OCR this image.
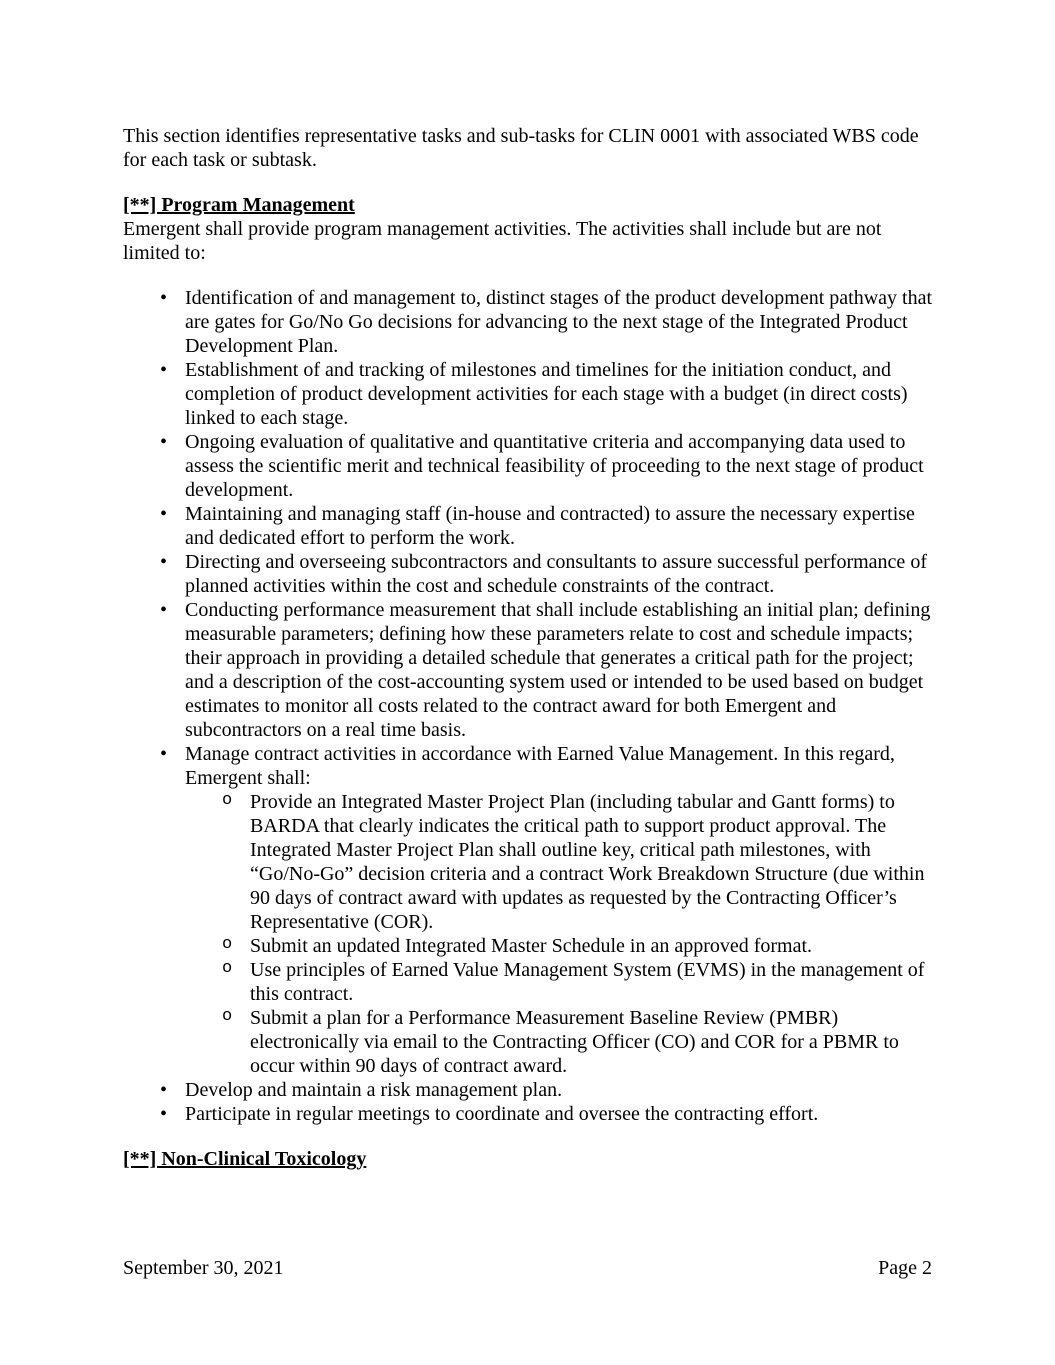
This section identifies representative tasks and sub-tasks for CLIN 0001 with associated WBS code for each task or subtask.

[**] Program Management

Emergent shall provide program management activities. The activities shall include but are not limited to:

• Identification of and management to, distinct stages of the product development pathway that are gates for Go/No Go decisions for advancing to the next stage of the Integrated Product Development Plan.
• Establishment of and tracking of milestones and timelines for the initiation conduct, and completion of product development activities for each stage with a budget (in direct costs) linked to each stage.
• Ongoing evaluation of qualitative and quantitative criteria and accompanying data used to assess the scientific merit and technical feasibility of proceeding to the next stage of product development.
• Maintaining and managing staff (in-house and contracted) to assure the necessary expertise and dedicated effort to perform the work.
• Directing and overseeing subcontractors and consultants to assure successful performance of planned activities within the cost and schedule constraints of the contract.
• Conducting performance measurement that shall include establishing an initial plan; defining measurable parameters; defining how these parameters relate to cost and schedule impacts; their approach in providing a detailed schedule that generates a critical path for the project; and a description of the cost-accounting system used or intended to be used based on budget estimates to monitor all costs related to the contract award for both Emergent and subcontractors on a real time basis.
• Manage contract activities in accordance with Earned Value Management. In this regard, Emergent shall:
o Provide an Integrated Master Project Plan (including tabular and Gantt forms) to BARDA that clearly indicates the critical path to support product approval. The Integrated Master Project Plan shall outline key, critical path milestones, with “Go/No-Go” decision criteria and a contract Work Breakdown Structure (due within 90 days of contract award with updates as requested by the Contracting Officer’s Representative (COR).
o Submit an updated Integrated Master Schedule in an approved format.
o Use principles of Earned Value Management System (EVMS) in the management of this contract.
o Submit a plan for a Performance Measurement Baseline Review (PMBR) electronically via email to the Contracting Officer (CO) and COR for a PBMR to occur within 90 days of contract award.
• Develop and maintain a risk management plan.
• Participate in regular meetings to coordinate and oversee the contracting effort.
[**] Non-Clinical Toxicology
September 30, 2021	Page 2
